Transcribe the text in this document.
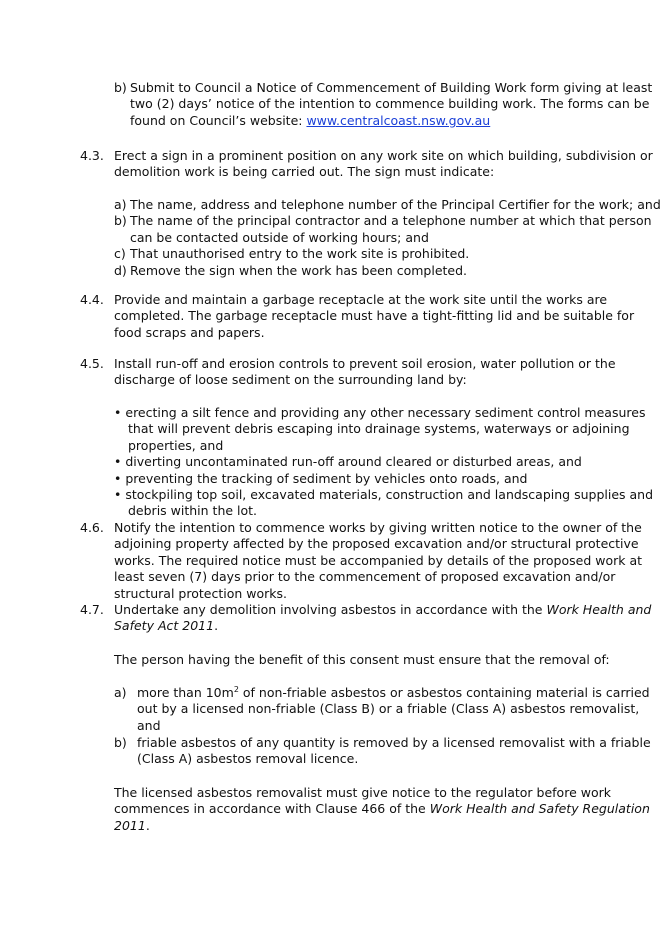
b) Submit to Council a Notice of Commencement of Building Work form giving at least
two (2) days’ notice of the intention to commence building work. The forms can be
found on Council’s website: www.centralcoast.nsw.gov.au
4.3. Erect a sign in a prominent position on any work site on which building, subdivision or
demolition work is being carried out. The sign must indicate:
a) The name, address and telephone number of the Principal Certifier for the work; and
b) The name of the principal contractor and a telephone number at which that person
can be contacted outside of working hours; and
c) That unauthorised entry to the work site is prohibited.
d) Remove the sign when the work has been completed.
4.4. Provide and maintain a garbage receptacle at the work site until the works are
completed. The garbage receptacle must have a tight-fitting lid and be suitable for
food scraps and papers.
4.5. Install run-off and erosion controls to prevent soil erosion, water pollution or the
discharge of loose sediment on the surrounding land by:
• erecting a silt fence and providing any other necessary sediment control measures
that will prevent debris escaping into drainage systems, waterways or adjoining
properties, and
• diverting uncontaminated run-off around cleared or disturbed areas, and
• preventing the tracking of sediment by vehicles onto roads, and
• stockpiling top soil, excavated materials, construction and landscaping supplies and
debris within the lot.
4.6. Notify the intention to commence works by giving written notice to the owner of the
adjoining property affected by the proposed excavation and/or structural protective
works. The required notice must be accompanied by details of the proposed work at
least seven (7) days prior to the commencement of proposed excavation and/or
structural protection works.
4.7. Undertake any demolition involving asbestos in accordance with the Work Health and
Safety Act 2011.
The person having the benefit of this consent must ensure that the removal of:
a) more than $10m^2$ of non-friable asbestos or asbestos containing material is carried
out by a licensed non-friable (Class B) or a friable (Class A) asbestos removalist,
and
b) friable asbestos of any quantity is removed by a licensed removalist with a friable
(Class A) asbestos removal licence.
The licensed asbestos removalist must give notice to the regulator before work
commences in accordance with Clause 466 of the Work Health and Safety Regulation
2011.
